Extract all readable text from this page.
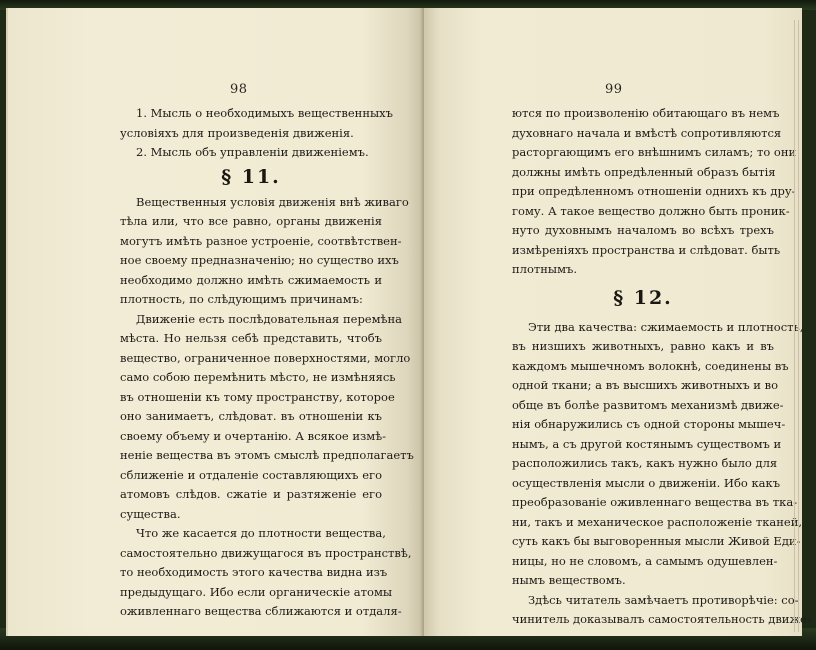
98
1. Мысль о необходимыхъ вещественныхъ
условіяхъ для произведенія движенія.
2. Мысль объ управленіи движеніемъ.
§ 11.
Вещественныя условія движенія внѣ живаго
тѣла или, что все равно, органы движенія
могутъ имѣть разное устроеніе, соотвѣтствен-
ное своему предназначенію; но существо ихъ
необходимо должно имѣть сжимаемость и
плотность, по слѣдующимъ причинамъ:
Движеніе есть послѣдовательная перемѣна
мѣста. Но нельзя себѣ представить, чтобъ
вещество, ограниченное поверхностями, могло
само собою перемѣнить мѣсто, не измѣняясь
въ отношеніи къ тому пространству, которое
оно занимаетъ, слѣдоват. въ отношеніи къ
своему объему и очертанію. А всякое измѣ-
неніе вещества въ этомъ смыслѣ предполагаетъ
сближеніе и отдаленіе составляющихъ его
атомовъ слѣдов. сжатіе и разтяженіе его
существа.
Что же касается до плотности вещества,
самостоятельно движущагося въ пространствѣ,
то необходимость этого качества видна изъ
предыдущаго. Ибо если органическіе атомы
оживленнаго вещества сближаются и отдаля-
99
ются по произволенію обитающаго въ немъ
духовнаго начала и вмѣстѣ сопротивляются
расторгающимъ его внѣшнимъ силамъ; то они
должны имѣть опредѣленный образъ бытія
при опредѣленномъ отношеніи однихъ къ дру-
гому. А такое вещество должно быть проник-
нуто духовнымъ началомъ во всѣхъ трехъ
измѣреніяхъ пространства и слѣдоват. быть
плотнымъ.
§ 12.
Эти два качества: сжимаемость и плотность,
въ низшихъ животныхъ, равно какъ и въ
каждомъ мышечномъ волокнѣ, соединены въ
одной ткани; а въ высшихъ животныхъ и во
обще въ болѣе развитомъ механизмѣ движе-
нія обнаружились съ одной стороны мышеч-
нымъ, а съ другой костянымъ существомъ и
расположились такъ, какъ нужно было для
осуществленія мысли о движеніи. Ибо какъ
преобразованіе оживленнаго вещества въ тка-
ни, такъ и механическое расположеніе тканей,
суть какъ бы выговоренныя мысли Живой Еди-
ницы, но не словомъ, а самымъ одушевлен-
нымъ веществомъ.
Здѣсь читатель замѣчаетъ противорѣчіе: со-
чинитель доказывалъ самостоятельность движе-
